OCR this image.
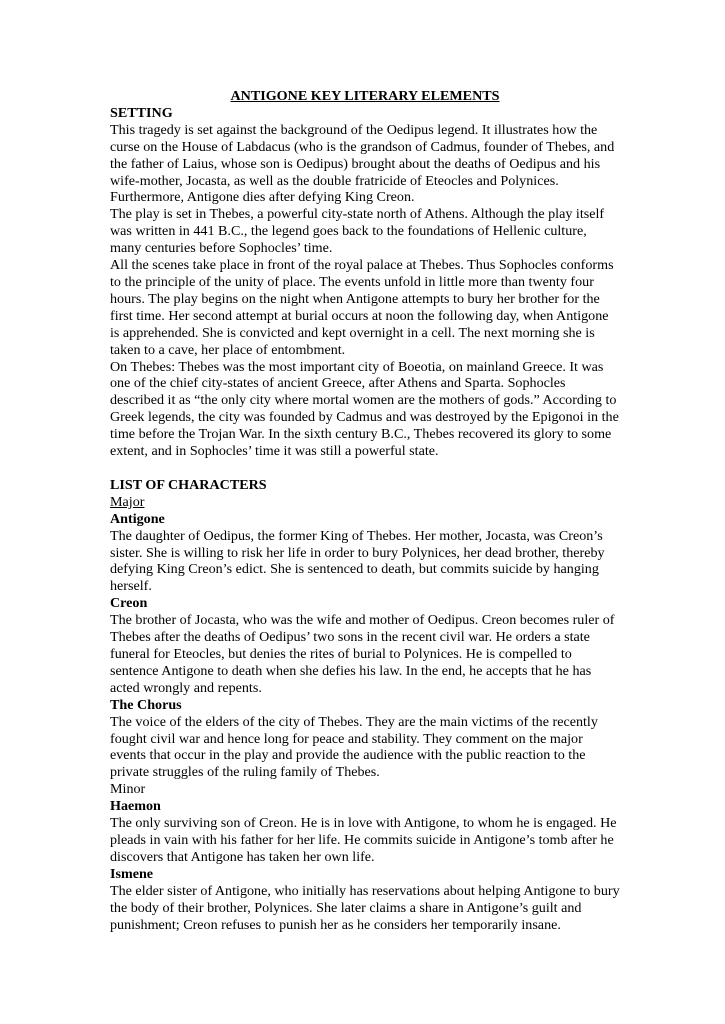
ANTIGONE KEY LITERARY ELEMENTS

SETTING

This tragedy is set against the background of the Oedipus legend. It illustrates how the curse on the House of Labdacus (who is the grandson of Cadmus, founder of Thebes, and the father of Laius, whose son is Oedipus) brought about the deaths of Oedipus and his wife-mother, Jocasta, as well as the double fratricide of Eteocles and Polynices. Furthermore, Antigone dies after defying King Creon.

The play is set in Thebes, a powerful city-state north of Athens. Although the play itself was written in 441 B.C., the legend goes back to the foundations of Hellenic culture, many centuries before Sophocles’ time.

All the scenes take place in front of the royal palace at Thebes. Thus Sophocles conforms to the principle of the unity of place. The events unfold in little more than twenty four hours. The play begins on the night when Antigone attempts to bury her brother for the first time. Her second attempt at burial occurs at noon the following day, when Antigone is apprehended. She is convicted and kept overnight in a cell. The next morning she is taken to a cave, her place of entombment.

On Thebes: Thebes was the most important city of Boeotia, on mainland Greece. It was one of the chief city-states of ancient Greece, after Athens and Sparta. Sophocles described it as “the only city where mortal women are the mothers of gods.” According to Greek legends, the city was founded by Cadmus and was destroyed by the Epigonoi in the time before the Trojan War. In the sixth century B.C., Thebes recovered its glory to some extent, and in Sophocles’ time it was still a powerful state.

LIST OF CHARACTERS

Major

Antigone

The daughter of Oedipus, the former King of Thebes. Her mother, Jocasta, was Creon’s sister. She is willing to risk her life in order to bury Polynices, her dead brother, thereby defying King Creon’s edict. She is sentenced to death, but commits suicide by hanging herself.

Creon

The brother of Jocasta, who was the wife and mother of Oedipus. Creon becomes ruler of Thebes after the deaths of Oedipus’ two sons in the recent civil war. He orders a state funeral for Eteocles, but denies the rites of burial to Polynices. He is compelled to sentence Antigone to death when she defies his law. In the end, he accepts that he has acted wrongly and repents.

The Chorus

The voice of the elders of the city of Thebes. They are the main victims of the recently fought civil war and hence long for peace and stability. They comment on the major events that occur in the play and provide the audience with the public reaction to the private struggles of the ruling family of Thebes.

Minor

Haemon

The only surviving son of Creon. He is in love with Antigone, to whom he is engaged. He pleads in vain with his father for her life. He commits suicide in Antigone’s tomb after he discovers that Antigone has taken her own life.

Ismene

The elder sister of Antigone, who initially has reservations about helping Antigone to bury the body of their brother, Polynices. She later claims a share in Antigone’s guilt and punishment; Creon refuses to punish her as he considers her temporarily insane.
